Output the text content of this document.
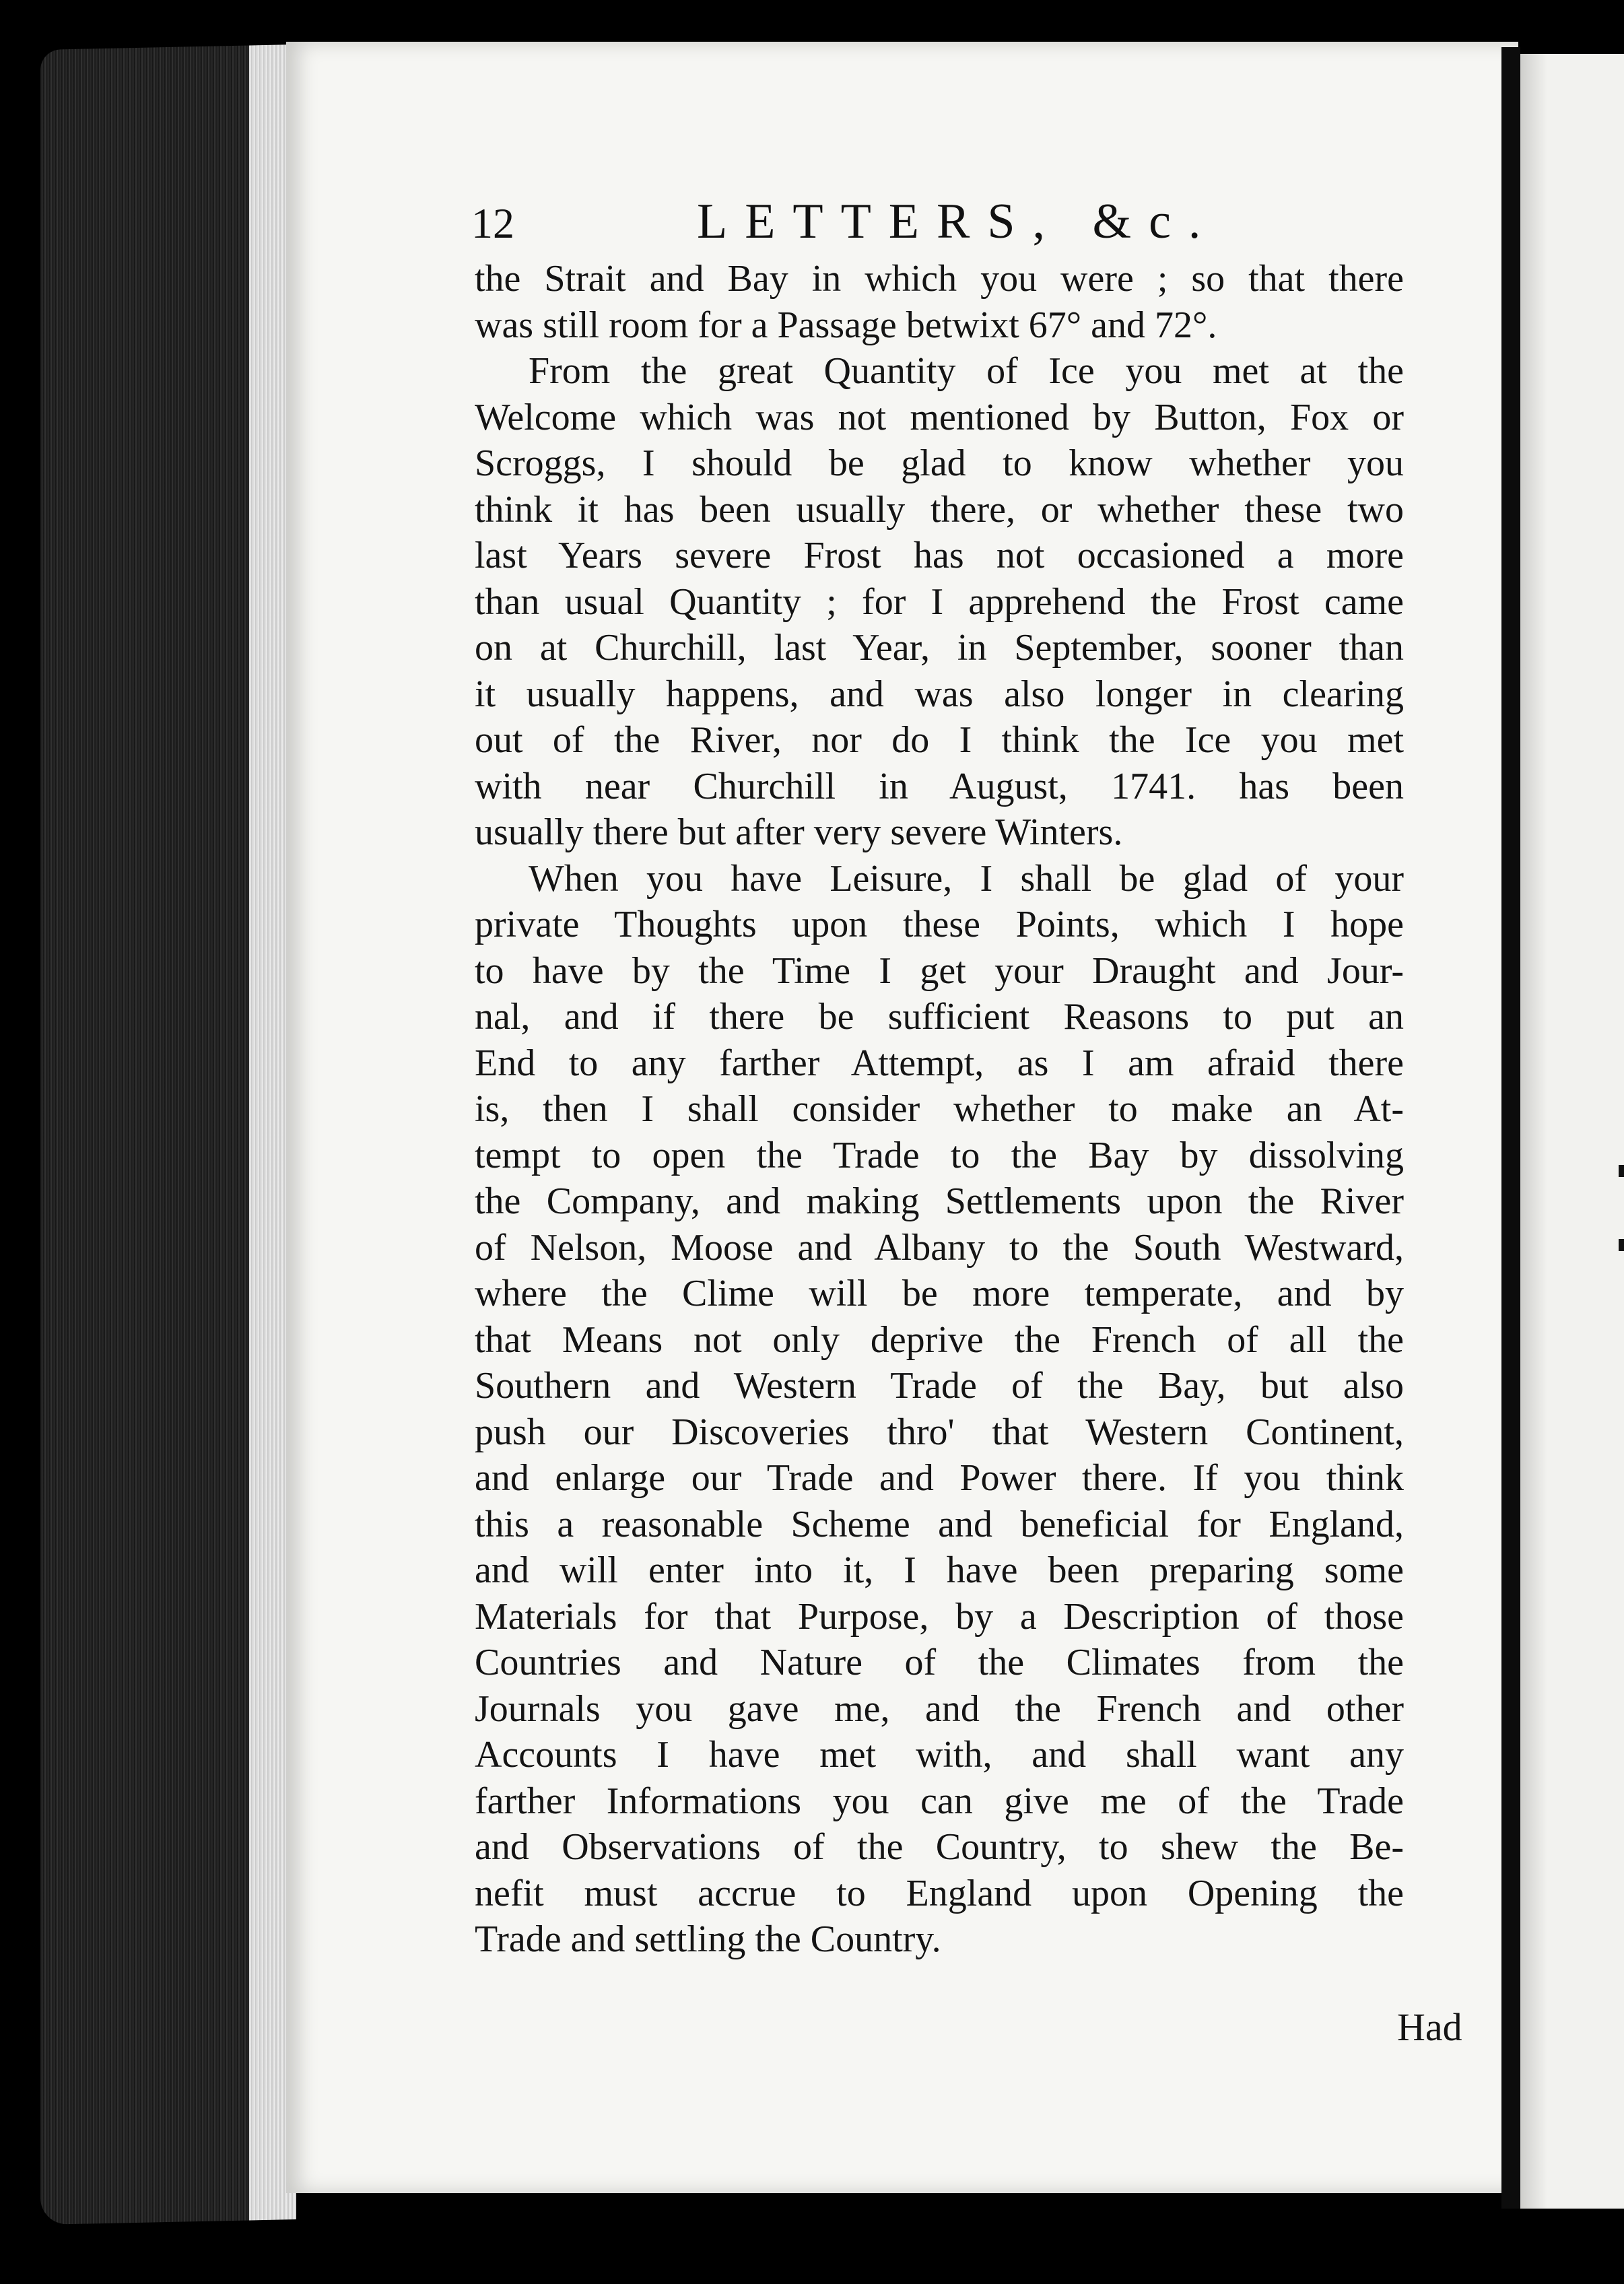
12	LETTERS, &c.
the Strait and Bay in which you were ; so that there
was still room for a Passage betwixt 67° and 72°.
From the great Quantity of Ice you met at the
Welcome which was not mentioned by Button, Fox or
Scroggs, I should be glad to know whether you
think it has been usually there, or whether these two
last Years severe Frost has not occasioned a more
than usual Quantity ; for I apprehend the Frost came
on at Churchill, last Year, in September, sooner than
it usually happens, and was also longer in clearing
out of the River, nor do I think the Ice you met
with near Churchill in August, 1741. has been
usually there but after very severe Winters.
When you have Leisure, I shall be glad of your
private Thoughts upon these Points, which I hope
to have by the Time I get your Draught and Jour-
nal, and if there be sufficient Reasons to put an
End to any farther Attempt, as I am afraid there
is, then I shall consider whether to make an At-
tempt to open the Trade to the Bay by dissolving
the Company, and making Settlements upon the River
of Nelson, Moose and Albany to the South Westward,
where the Clime will be more temperate, and by
that Means not only deprive the French of all the
Southern and Western Trade of the Bay, but also
push our Discoveries thro' that Western Continent,
and enlarge our Trade and Power there. If you think
this a reasonable Scheme and beneficial for England,
and will enter into it, I have been preparing some
Materials for that Purpose, by a Description of those
Countries and Nature of the Climates from the
Journals you gave me, and the French and other
Accounts I have met with, and shall want any
farther Informations you can give me of the Trade
and Observations of the Country, to shew the Be-
nefit must accrue to England upon Opening the
Trade and settling the Country.
Had
